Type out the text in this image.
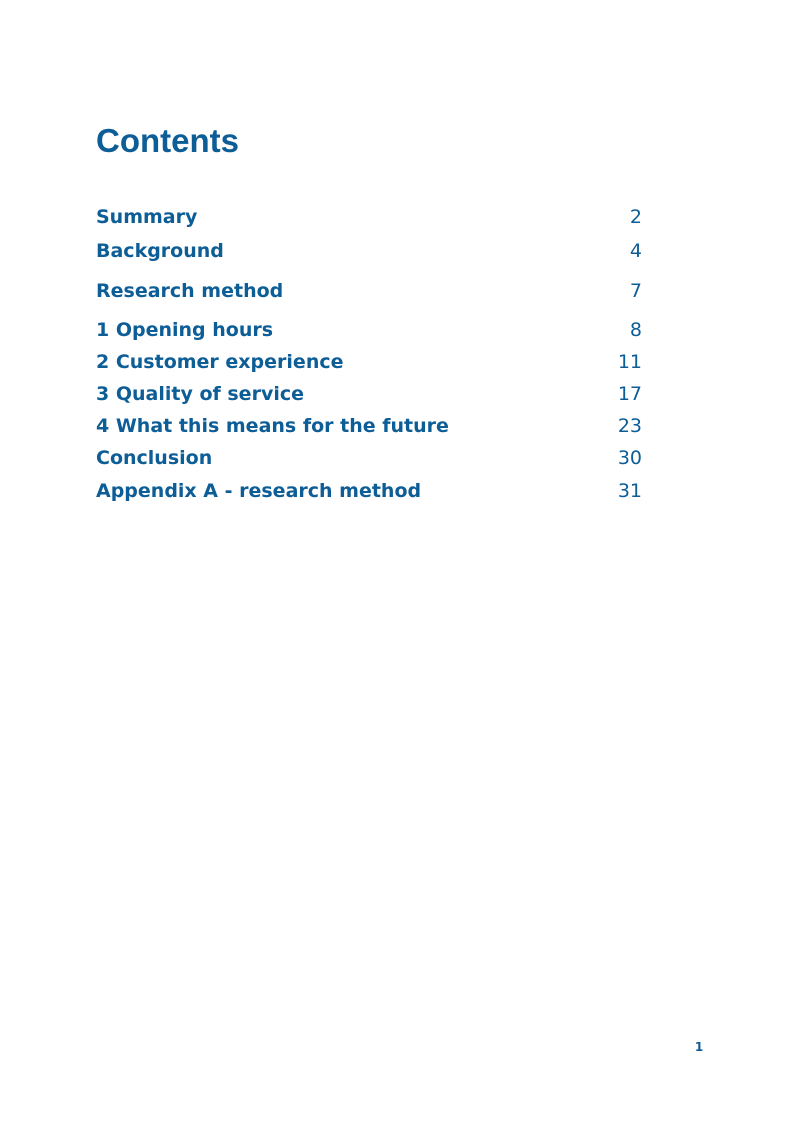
Contents
Summary	2
Background	4
Research method	7
1 Opening hours	8
2 Customer experience	11
3 Quality of service	17
4 What this means for the future	23
Conclusion	30
Appendix A - research method	31
1
